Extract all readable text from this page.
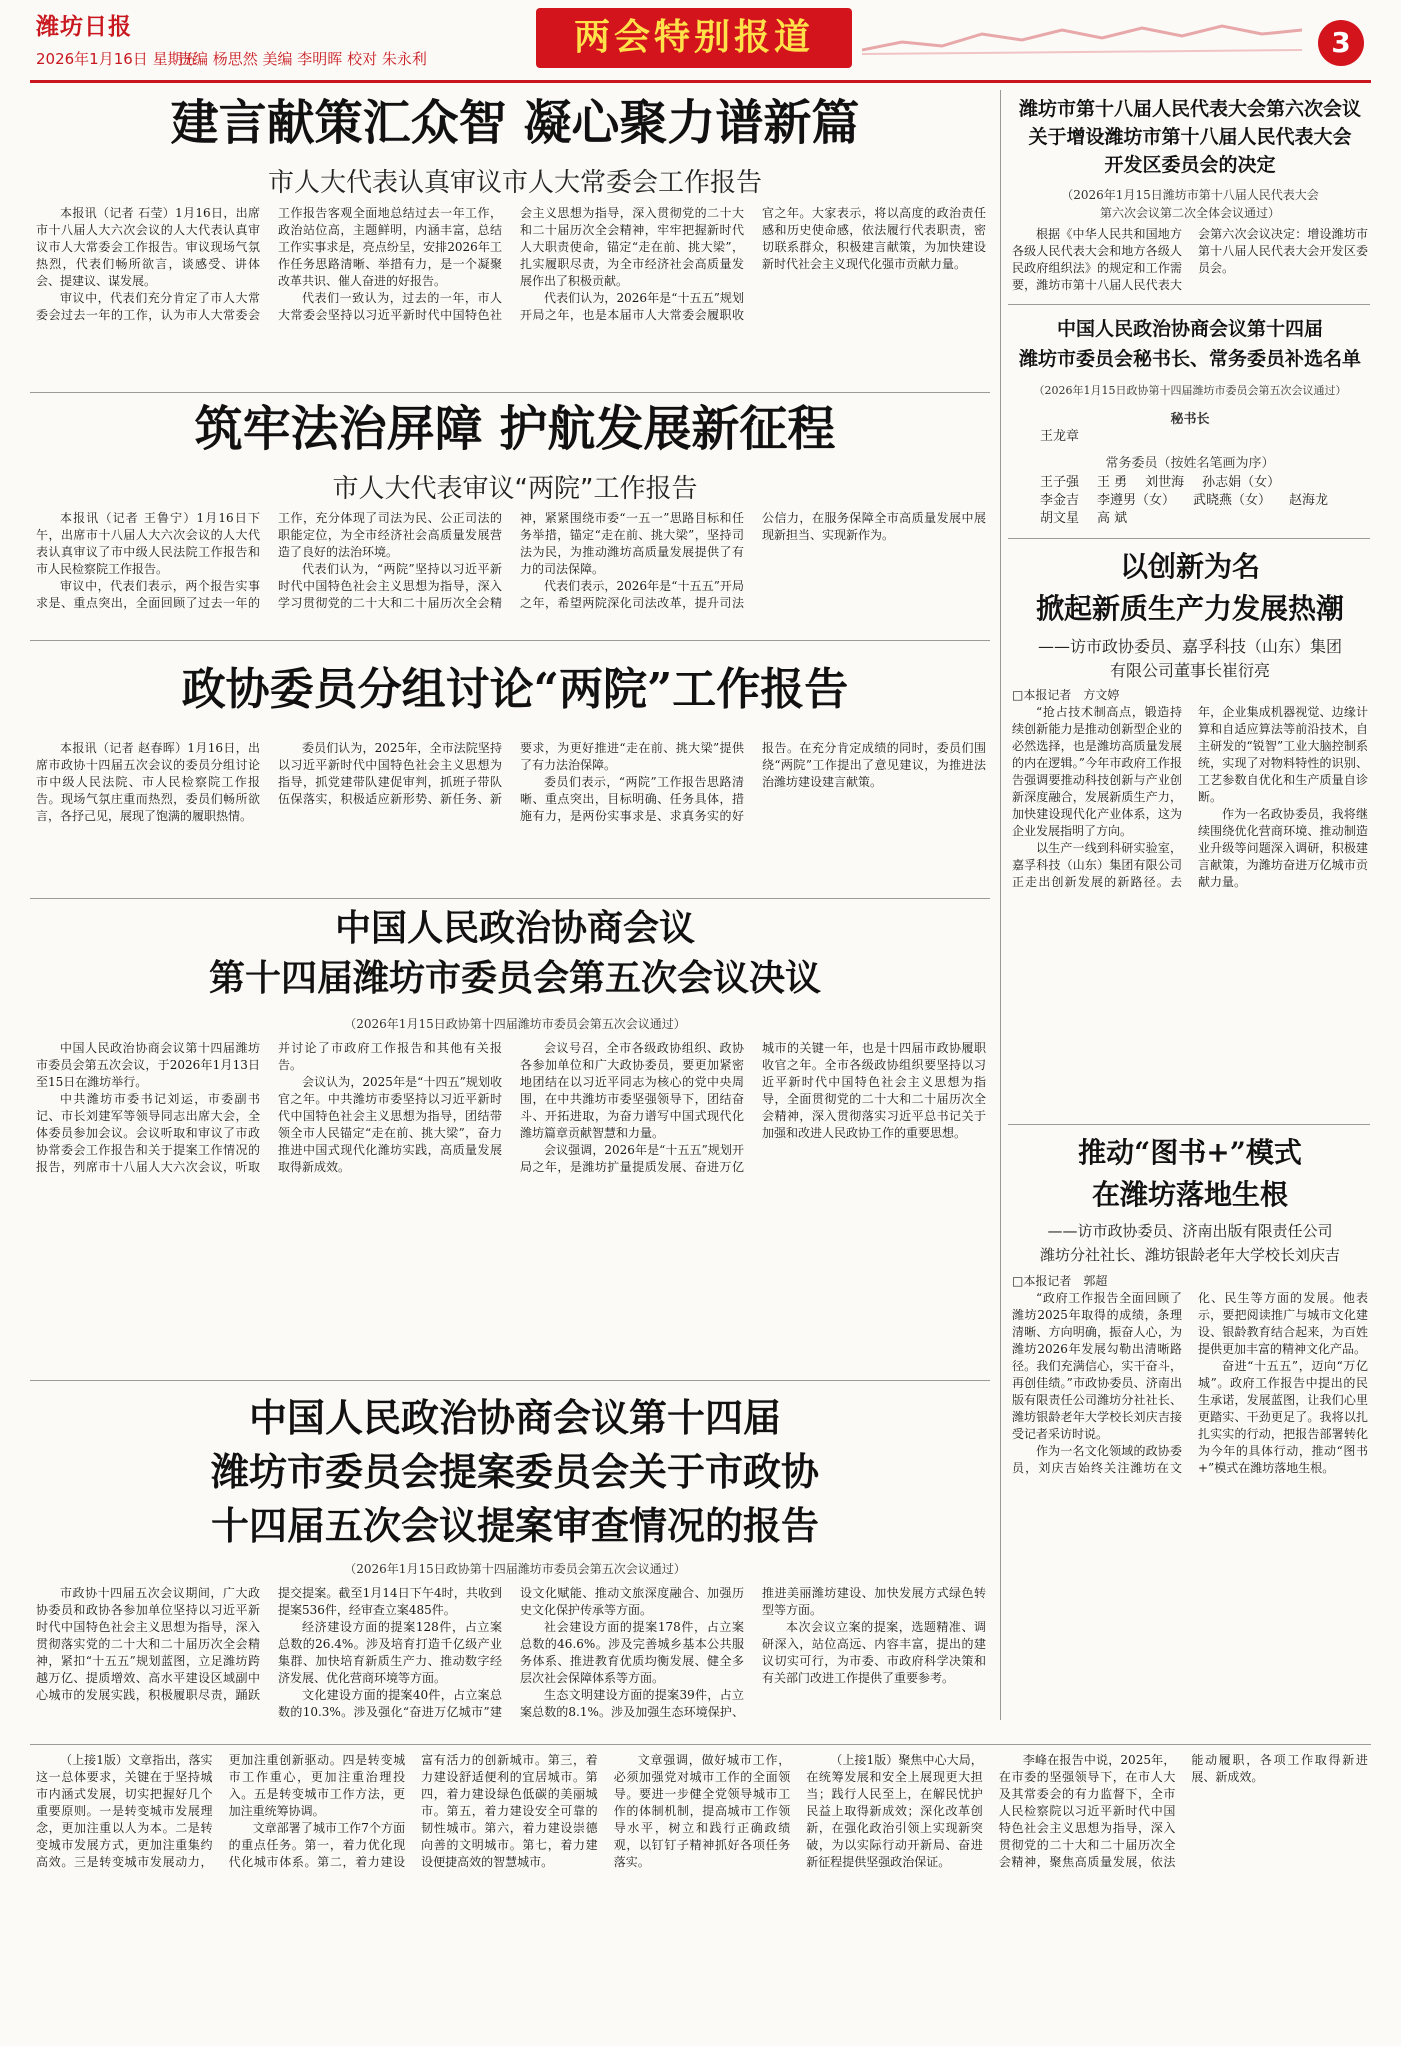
潍坊日报
2026年1月16日 星期五
责编 杨思然 美编 李明晖 校对 朱永利
两会特别报道	3
建言献策汇众智 凝心聚力谱新篇
市人大代表认真审议市人大常委会工作报告

本报讯（记者 石莹）1月16日，出席市十八届人大六次会议的人大代表认真审议市人大常委会工作报告。审议现场气氛热烈，代表们畅所欲言，谈感受、讲体会、提建议、谋发展。

审议中，代表们充分肯定了市人大常委会过去一年的工作，认为市人大常委会工作报告客观全面地总结过去一年工作，政治站位高，主题鲜明，内涵丰富，总结工作实事求是，亮点纷呈，安排2026年工作任务思路清晰、举措有力，是一个凝聚改革共识、催人奋进的好报告。

代表们一致认为，过去的一年，市人大常委会坚持以习近平新时代中国特色社会主义思想为指导，深入贯彻党的二十大和二十届历次全会精神，牢牢把握新时代人大职责使命，锚定“走在前、挑大梁”，扎实履职尽责，为全市经济社会高质量发展作出了积极贡献。

代表们认为，2026年是“十五五”规划开局之年，也是本届市人大常委会履职收官之年。大家表示，将以高度的政治责任感和历史使命感，依法履行代表职责，密切联系群众，积极建言献策，为加快建设新时代社会主义现代化强市贡献力量。

筑牢法治屏障 护航发展新征程
市人大代表审议“两院”工作报告

本报讯（记者 王鲁宁）1月16日下午，出席市十八届人大六次会议的人大代表认真审议了市中级人民法院工作报告和市人民检察院工作报告。

审议中，代表们表示，两个报告实事求是、重点突出，全面回顾了过去一年的工作，充分体现了司法为民、公正司法的职能定位，为全市经济社会高质量发展营造了良好的法治环境。

代表们认为，“两院”坚持以习近平新时代中国特色社会主义思想为指导，深入学习贯彻党的二十大和二十届历次全会精神，紧紧围绕市委“一五一”思路目标和任务举措，锚定“走在前、挑大梁”，坚持司法为民，为推动潍坊高质量发展提供了有力的司法保障。

代表们表示，2026年是“十五五”开局之年，希望两院深化司法改革，提升司法公信力，在服务保障全市高质量发展中展现新担当、实现新作为。

政协委员分组讨论“两院”工作报告

本报讯（记者 赵春晖）1月16日，出席市政协十四届五次会议的委员分组讨论市中级人民法院、市人民检察院工作报告。现场气氛庄重而热烈，委员们畅所欲言，各抒己见，展现了饱满的履职热情。

委员们认为，2025年，全市法院坚持以习近平新时代中国特色社会主义思想为指导，抓党建带队建促审判，抓班子带队伍保落实，积极适应新形势、新任务、新要求，为更好推进“走在前、挑大梁”提供了有力法治保障。

委员们表示，“两院”工作报告思路清晰、重点突出，目标明确、任务具体，措施有力，是两份实事求是、求真务实的好报告。在充分肯定成绩的同时，委员们围绕“两院”工作提出了意见建议，为推进法治潍坊建设建言献策。

中国人民政治协商会议
第十四届潍坊市委员会第五次会议决议
（2026年1月15日政协第十四届潍坊市委员会第五次会议通过）

中国人民政治协商会议第十四届潍坊市委员会第五次会议，于2026年1月13日至15日在潍坊举行。

中共潍坊市委书记刘运，市委副书记、市长刘建军等领导同志出席大会，全体委员参加会议。会议听取和审议了市政协常委会工作报告和关于提案工作情况的报告，列席市十八届人大六次会议，听取并讨论了市政府工作报告和其他有关报告。

会议认为，2025年是“十四五”规划收官之年。中共潍坊市委坚持以习近平新时代中国特色社会主义思想为指导，团结带领全市人民锚定“走在前、挑大梁”，奋力推进中国式现代化潍坊实践，高质量发展取得新成效。

会议号召，全市各级政协组织、政协各参加单位和广大政协委员，要更加紧密地团结在以习近平同志为核心的党中央周围，在中共潍坊市委坚强领导下，团结奋斗、开拓进取，为奋力谱写中国式现代化潍坊篇章贡献智慧和力量。

会议强调，2026年是“十五五”规划开局之年，是潍坊扩量提质发展、奋进万亿城市的关键一年，也是十四届市政协履职收官之年。全市各级政协组织要坚持以习近平新时代中国特色社会主义思想为指导，全面贯彻党的二十大和二十届历次全会精神，深入贯彻落实习近平总书记关于加强和改进人民政协工作的重要思想。

中国人民政治协商会议第十四届
潍坊市委员会提案委员会关于市政协
十四届五次会议提案审查情况的报告
（2026年1月15日政协第十四届潍坊市委员会第五次会议通过）

市政协十四届五次会议期间，广大政协委员和政协各参加单位坚持以习近平新时代中国特色社会主义思想为指导，深入贯彻落实党的二十大和二十届历次全会精神，紧扣“十五五”规划蓝图，立足潍坊跨越万亿、提质增效、高水平建设区域副中心城市的发展实践，积极履职尽责，踊跃提交提案。截至1月14日下午4时，共收到提案536件，经审查立案485件。

经济建设方面的提案128件，占立案总数的26.4%。涉及培育打造千亿级产业集群、加快培育新质生产力、推动数字经济发展、优化营商环境等方面。

文化建设方面的提案40件，占立案总数的10.3%。涉及强化“奋进万亿城市”建设文化赋能、推动文旅深度融合、加强历史文化保护传承等方面。

社会建设方面的提案178件，占立案总数的46.6%。涉及完善城乡基本公共服务体系、推进教育优质均衡发展、健全多层次社会保障体系等方面。

生态文明建设方面的提案39件，占立案总数的8.1%。涉及加强生态环境保护、推进美丽潍坊建设、加快发展方式绿色转型等方面。

本次会议立案的提案，选题精准、调研深入，站位高远、内容丰富，提出的建议切实可行，为市委、市政府科学决策和有关部门改进工作提供了重要参考。

潍坊市第十八届人民代表大会第六次会议
关于增设潍坊市第十八届人民代表大会
开发区委员会的决定
（2026年1月15日潍坊市第十八届人民代表大会
第六次会议第二次全体会议通过）

根据《中华人民共和国地方各级人民代表大会和地方各级人民政府组织法》的规定和工作需要，潍坊市第十八届人民代表大会第六次会议决定：增设潍坊市第十八届人民代表大会开发区委员会。

中国人民政治协商会议第十四届
潍坊市委员会秘书长、常务委员补选名单
（2026年1月15日政协第十四届潍坊市委员会第五次会议通过）
秘书长
王龙章
常务委员（按姓名笔画为序）
王子强 王 勇 刘世海 孙志娟（女）
李金吉 李遵男（女） 武晓燕（女） 赵海龙
胡文星 高 斌
以创新为名
掀起新质生产力发展热潮
——访市政协委员、嘉孚科技（山东）集团
有限公司董事长崔衍亮
□本报记者　方文婷

“抢占技术制高点，锻造持续创新能力是推动创新型企业的必然选择，也是潍坊高质量发展的内在逻辑。”今年市政府工作报告强调要推动科技创新与产业创新深度融合，发展新质生产力，加快建设现代化产业体系，这为企业发展指明了方向。

以生产一线到科研实验室，嘉孚科技（山东）集团有限公司正走出创新发展的新路径。去年，企业集成机器视觉、边缘计算和自适应算法等前沿技术，自主研发的“锐智”工业大脑控制系统，实现了对物料特性的识别、工艺参数自优化和生产质量自诊断。

作为一名政协委员，我将继续围绕优化营商环境、推动制造业升级等问题深入调研，积极建言献策，为潍坊奋进万亿城市贡献力量。

推动“图书+”模式
在潍坊落地生根
——访市政协委员、济南出版有限责任公司
潍坊分社社长、潍坊银龄老年大学校长刘庆吉
□本报记者　郭超

“政府工作报告全面回顾了潍坊2025年取得的成绩，条理清晰、方向明确，振奋人心，为潍坊2026年发展勾勒出清晰路径。我们充满信心，实干奋斗，再创佳绩。”市政协委员、济南出版有限责任公司潍坊分社社长、潍坊银龄老年大学校长刘庆吉接受记者采访时说。

作为一名文化领域的政协委员，刘庆吉始终关注潍坊在文化、民生等方面的发展。他表示，要把阅读推广与城市文化建设、银龄教育结合起来，为百姓提供更加丰富的精神文化产品。

奋进“十五五”，迈向“万亿城”。政府工作报告中提出的民生承诺，发展蓝图，让我们心里更踏实、干劲更足了。我将以扎扎实实的行动，把报告部署转化为今年的具体行动，推动“图书+”模式在潍坊落地生根。

（上接1版）文章指出，落实这一总体要求，关键在于坚持城市内涵式发展，切实把握好几个重要原则。一是转变城市发展理念，更加注重以人为本。二是转变城市发展方式，更加注重集约高效。三是转变城市发展动力，更加注重创新驱动。四是转变城市工作重心，更加注重治理投入。五是转变城市工作方法，更加注重统筹协调。

文章部署了城市工作7个方面的重点任务。第一，着力优化现代化城市体系。第二，着力建设富有活力的创新城市。第三，着力建设舒适便利的宜居城市。第四，着力建设绿色低碳的美丽城市。第五，着力建设安全可靠的韧性城市。第六，着力建设崇德向善的文明城市。第七，着力建设便捷高效的智慧城市。

文章强调，做好城市工作，必须加强党对城市工作的全面领导。要进一步健全党领导城市工作的体制机制，提高城市工作领导水平，树立和践行正确政绩观，以钉钉子精神抓好各项任务落实。

（上接1版）聚焦中心大局，在统筹发展和安全上展现更大担当；践行人民至上，在解民忧护民益上取得新成效；深化改革创新，在强化政治引领上实现新突破，为以实际行动开新局、奋进新征程提供坚强政治保证。

李峰在报告中说，2025年，在市委的坚强领导下，在市人大及其常委会的有力监督下，全市人民检察院以习近平新时代中国特色社会主义思想为指导，深入贯彻党的二十大和二十届历次全会精神，聚焦高质量发展，依法能动履职，各项工作取得新进展、新成效。
